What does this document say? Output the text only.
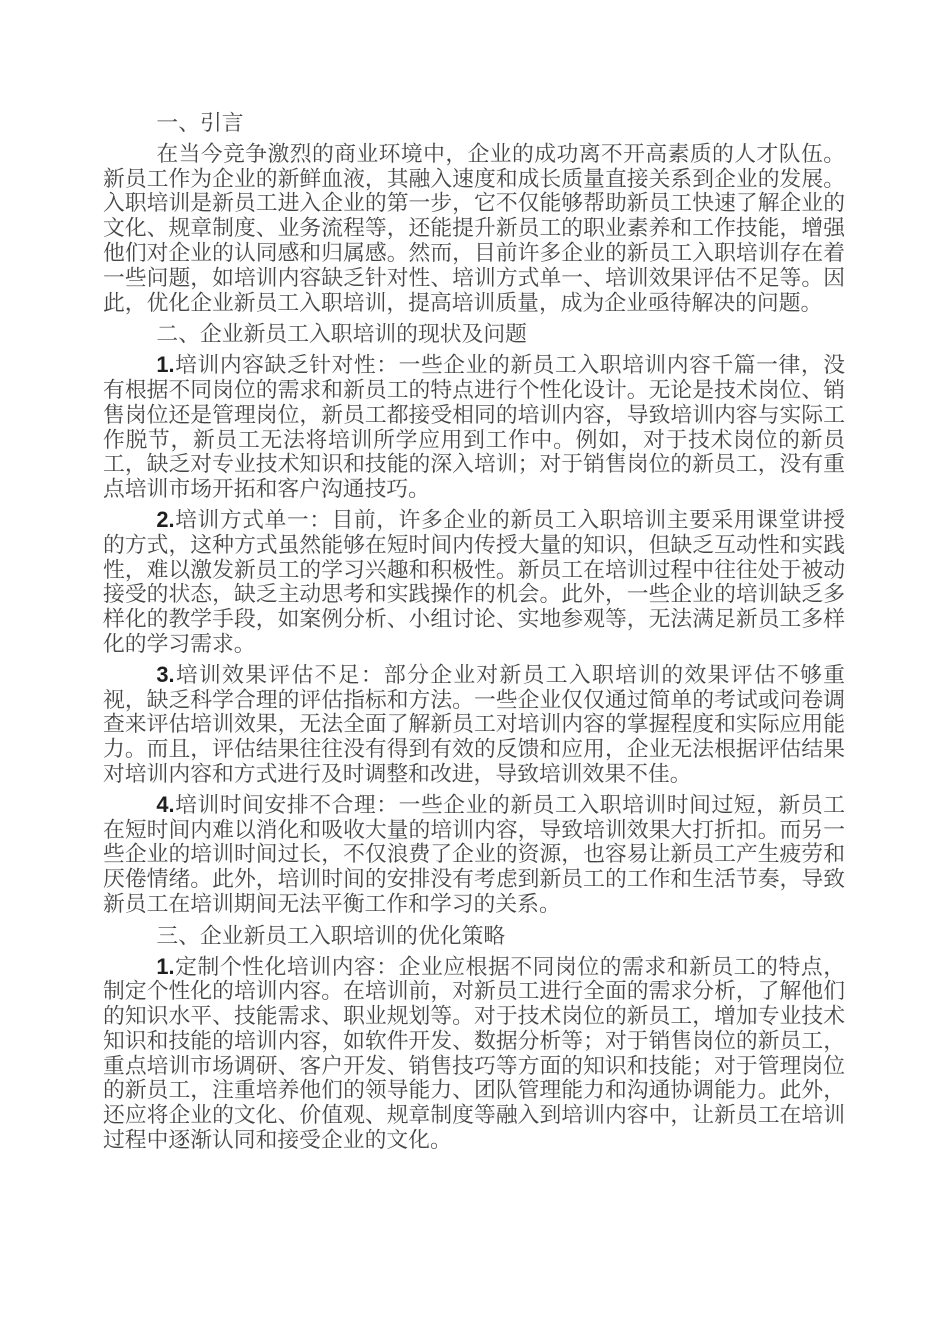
一、引言

在当今竞争激烈的商业环境中，企业的成功离不开高素质的人才队伍。新员工作为企业的新鲜血液，其融入速度和成长质量直接关系到企业的发展。入职培训是新员工进入企业的第一步，它不仅能够帮助新员工快速了解企业的文化、规章制度、业务流程等，还能提升新员工的职业素养和工作技能，增强他们对企业的认同感和归属感。然而，目前许多企业的新员工入职培训存在着一些问题，如培训内容缺乏针对性、培训方式单一、培训效果评估不足等。因此，优化企业新员工入职培训，提高培训质量，成为企业亟待解决的问题。

二、企业新员工入职培训的现状及问题

1.培训内容缺乏针对性：一些企业的新员工入职培训内容千篇一律，没有根据不同岗位的需求和新员工的特点进行个性化设计。无论是技术岗位、销售岗位还是管理岗位，新员工都接受相同的培训内容，导致培训内容与实际工作脱节，新员工无法将培训所学应用到工作中。例如，对于技术岗位的新员工，缺乏对专业技术知识和技能的深入培训；对于销售岗位的新员工，没有重点培训市场开拓和客户沟通技巧。

2.培训方式单一：目前，许多企业的新员工入职培训主要采用课堂讲授的方式，这种方式虽然能够在短时间内传授大量的知识，但缺乏互动性和实践性，难以激发新员工的学习兴趣和积极性。新员工在培训过程中往往处于被动接受的状态，缺乏主动思考和实践操作的机会。此外，一些企业的培训缺乏多样化的教学手段，如案例分析、小组讨论、实地参观等，无法满足新员工多样化的学习需求。

3.培训效果评估不足：部分企业对新员工入职培训的效果评估不够重视，缺乏科学合理的评估指标和方法。一些企业仅仅通过简单的考试或问卷调查来评估培训效果，无法全面了解新员工对培训内容的掌握程度和实际应用能力。而且，评估结果往往没有得到有效的反馈和应用，企业无法根据评估结果对培训内容和方式进行及时调整和改进，导致培训效果不佳。

4.培训时间安排不合理：一些企业的新员工入职培训时间过短，新员工在短时间内难以消化和吸收大量的培训内容，导致培训效果大打折扣。而另一些企业的培训时间过长，不仅浪费了企业的资源，也容易让新员工产生疲劳和厌倦情绪。此外，培训时间的安排没有考虑到新员工的工作和生活节奏，导致新员工在培训期间无法平衡工作和学习的关系。

三、企业新员工入职培训的优化策略

1.定制个性化培训内容：企业应根据不同岗位的需求和新员工的特点，制定个性化的培训内容。在培训前，对新员工进行全面的需求分析，了解他们的知识水平、技能需求、职业规划等。对于技术岗位的新员工，增加专业技术知识和技能的培训内容，如软件开发、数据分析等；对于销售岗位的新员工，重点培训市场调研、客户开发、销售技巧等方面的知识和技能；对于管理岗位的新员工，注重培养他们的领导能力、团队管理能力和沟通协调能力。此外，还应将企业的文化、价值观、规章制度等融入到培训内容中，让新员工在培训过程中逐渐认同和接受企业的文化。
